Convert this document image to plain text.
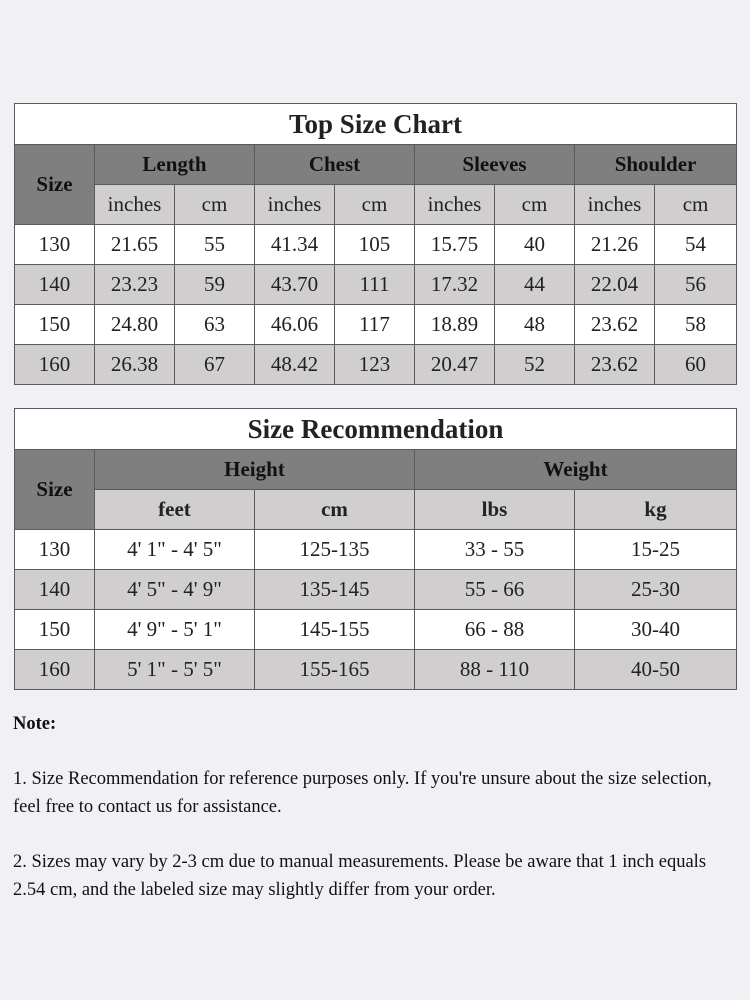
Top Size Chart								
Size	Length		Chest		Sleeves		Shoulder	
	inches	cm	inches	cm	inches	cm	inches	cm
130	21.65	55	41.34	105	15.75	40	21.26	54
140	23.23	59	43.70	111	17.32	44	22.04	56
150	24.80	63	46.06	117	18.89	48	23.62	58
160	26.38	67	48.42	123	20.47	52	23.62	60
Size Recommendation				
Size	Height		Weight	
	feet	cm	lbs	kg
130	4' 1" - 4' 5"	125-135	33 - 55	15-25
140	4' 5" - 4' 9"	135-145	55 - 66	25-30
150	4' 9" - 5' 1"	145-155	66 - 88	30-40
160	5' 1" - 5' 5"	155-165	88 - 110	40-50
Note:

1. Size Recommendation for reference purposes only. If you're unsure about the size selection, feel free to contact us for assistance.

2. Sizes may vary by 2-3 cm due to manual measurements. Please be aware that 1 inch equals 2.54 cm, and the labeled size may slightly differ from your order.
